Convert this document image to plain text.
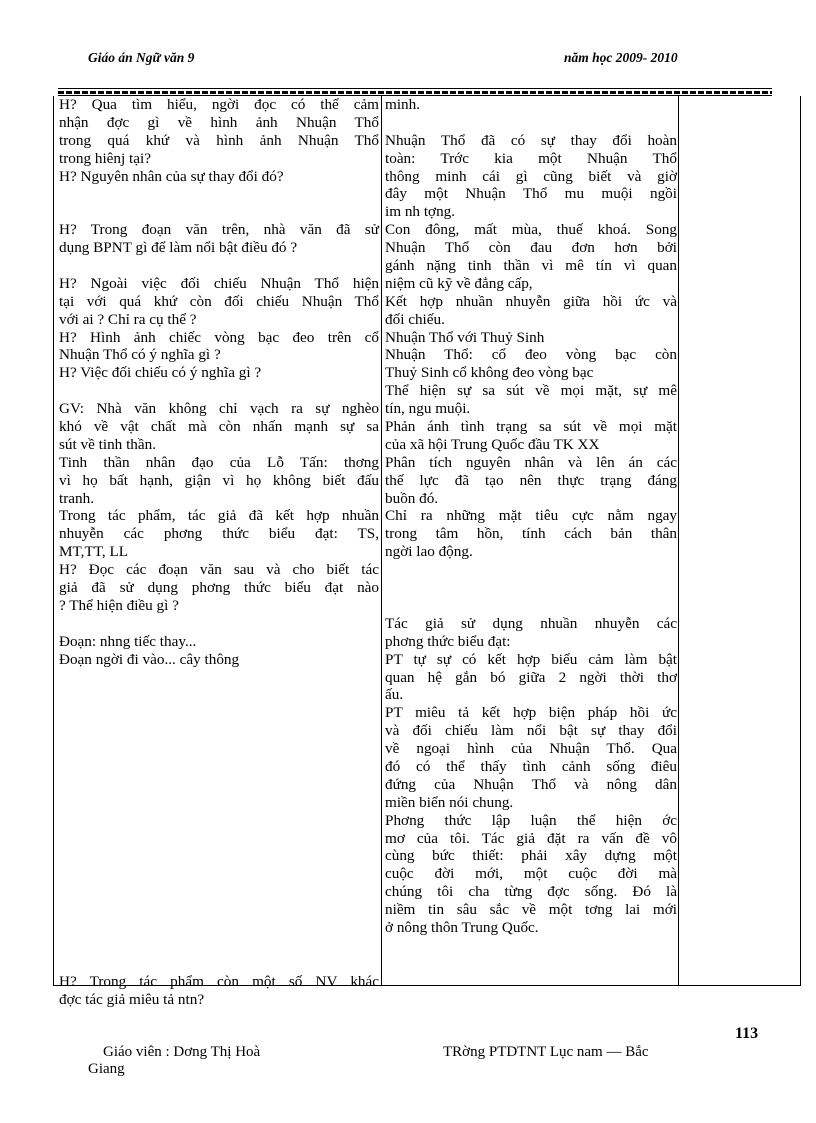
Giáo án Ngữ văn 9	năm học 2009- 2010
H? Qua tìm hiểu, ngời đọc có thể cảm
nhận đợc gì về hình ảnh Nhuận Thổ
trong quá khứ và hình ảnh Nhuận Thổ
trong hiênj tại?
H? Nguyên nhân của sự thay đổi đó?
H? Trong đoạn văn trên, nhà văn đã sử
dụng BPNT gì để làm nổi bật điều đó ?
H? Ngoài việc đối chiếu Nhuận Thổ hiện
tại với quá khứ còn đối chiếu Nhuận Thổ
với ai ? Chỉ ra cụ thể ?
H? Hình ảnh chiếc vòng bạc đeo trên cổ
Nhuận Thổ có ý nghĩa gì ?
H? Việc đối chiếu có ý nghĩa gì ?
GV: Nhà văn không chỉ vạch ra sự nghèo
khó về vật chất mà còn nhấn mạnh sự sa
sút về tinh thần.
Tinh thần nhân đạo của Lỗ Tấn: thơng
vì họ bất hạnh, giận vì họ không biết đấu
tranh.
Trong tác phẩm, tác giả đã kết hợp nhuần
nhuyễn các phơng thức biểu đạt: TS,
MT,TT, LL
H? Đọc các đoạn văn sau và cho biết tác
giả đã sử dụng phơng thức biểu đạt nào
? Thể hiện điều gì ?
Đoạn: nhng tiếc thay...
Đoạn ngời đi vào... cây thông
H? Trong tác phẩm còn một số NV khác
đợc tác giả miêu tả ntn?
minh.
Nhuận Thổ đã có sự thay đổi hoàn
toàn: Trớc kia một Nhuận Thổ
thông minh cái gì cũng biết và giờ
đây một Nhuận Thổ mu muội ngồi
im nh tợng.
Con đông, mất mùa, thuế khoá. Song
Nhuận Thổ còn đau đơn hơn bởi
gánh nặng tinh thần vì mê tín vì quan
niệm cũ kỹ về đẳng cấp,
Kết hợp nhuần nhuyễn giữa hồi ức và
đối chiếu.
Nhuận Thổ với Thuỷ Sinh
Nhuận Thổ: cổ đeo vòng bạc còn
Thuỷ Sinh cổ không đeo vòng bạc
Thể hiện sự sa sút về mọi mặt, sự mê
tín, ngu muội.
Phản ánh tình trạng sa sút về mọi mặt
của xã hội Trung Quốc đầu TK XX
Phân tích nguyên nhân và lên án các
thế lực đã tạo nên thực trạng đáng
buồn đó.
Chỉ ra những mặt tiêu cực nằm ngay
trong tâm hồn, tính cách bản thân
ngời lao động.
Tác giả sử dụng nhuần nhuyễn các
phơng thức biểu đạt:
PT tự sự có kết hợp biểu cảm làm bật
quan hệ gắn bó giữa 2 ngời thời thơ
ấu.
PT miêu tả kết hợp biện pháp hồi ức
và đối chiếu làm nổi bật sự thay đổi
về ngoại hình của Nhuận Thổ. Qua
đó có thể thấy tình cảnh sống điêu
đứng của Nhuận Thổ và nông dân
miền biển nói chung.
Phơng thức lập luận thể hiện ớc
mơ của tôi. Tác giả đặt ra vấn đề vô
cùng bức thiết: phải xây dựng một
cuộc đời mới, một cuộc đời mà
chúng tôi cha từng đợc sống. Đó là
niềm tin sâu sắc về một tơng lai mới
ở nông thôn Trung Quốc.
113
Giáo viên : Dơng Thị Hoà
Giang
TRờng PTDTNT Lục nam — Bắc
